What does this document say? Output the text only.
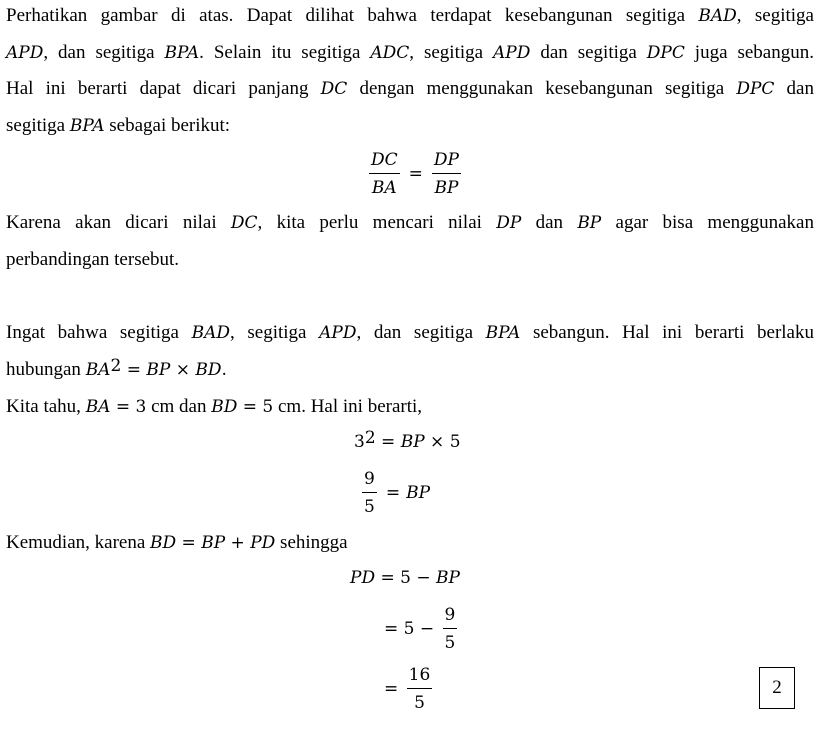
Perhatikan gambar di atas. Dapat dilihat bahwa terdapat kesebangunan segitiga BAD, segitiga
APD, dan segitiga BPA. Selain itu segitiga ADC, segitiga APD dan segitiga DPC juga sebangun.
Hal ini berarti dapat dicari panjang DC dengan menggunakan kesebangunan segitiga DPC dan
segitiga BPA sebagai berikut:
$\frac{DC}{BA} = \frac{DP}{BP}$
Karena akan dicari nilai DC, kita perlu mencari nilai DP dan BP agar bisa menggunakan
perbandingan tersebut.
Ingat bahwa segitiga BAD, segitiga APD, dan segitiga BPA sebangun. Hal ini berarti berlaku
hubungan $BA^2$ = BP × BD.
Kita tahu, BA = 3 cm dan BD = 5 cm. Hal ini berarti,
$3^2$ = BP × 5
$\frac{9}{5}$ = BP
Kemudian, karena BD = BP + PD sehingga
PD = 5 − BP
= $5 - \frac{9}{5}$
= $\frac{16}{5}$	2
